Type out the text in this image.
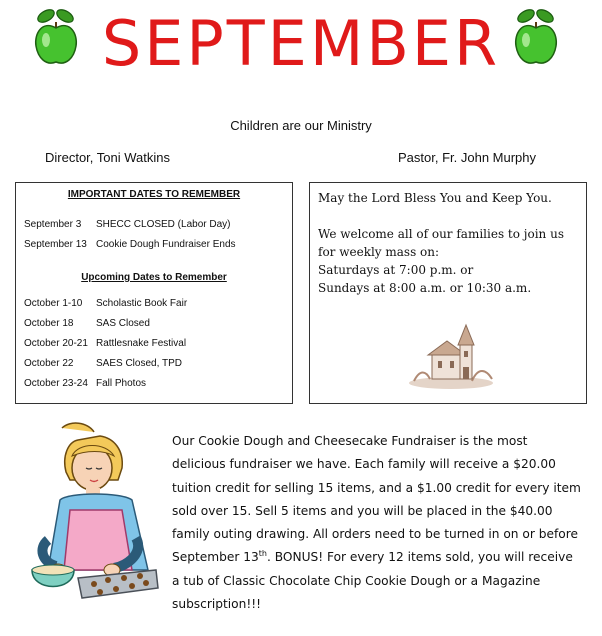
SEPTEMBER
Children are our Ministry
Director, Toni Watkins	Pastor, Fr. John Murphy
IMPORTANT DATES TO REMEMBER
September 3	SHECC CLOSED (Labor Day)
September 13 Cookie Dough Fundraiser Ends
Upcoming Dates to Remember
October 1-10	Scholastic Book Fair
October 18	SAS Closed
October 20-21 Rattlesnake Festival
October 22	SAES Closed, TPD
October 23-24 Fall Photos
May the Lord Bless You and Keep You.
We welcome all of our families to join us for weekly mass on:
Saturdays at 7:00 p.m. or
Sundays at 8:00 a.m. or 10:30 a.m.
Our Cookie Dough and Cheesecake Fundraiser is the most delicious fundraiser we have. Each family will receive a $20.00 tuition credit for selling 15 items, and a $1.00 credit for every item sold over 15. Sell 5 items and you will be placed in the $40.00 family outing drawing. All orders need to be turned in on or before September 13th. BONUS! For every 12 items sold, you will receive a tub of Classic Chocolate Chip Cookie Dough or a Magazine subscription!!!
